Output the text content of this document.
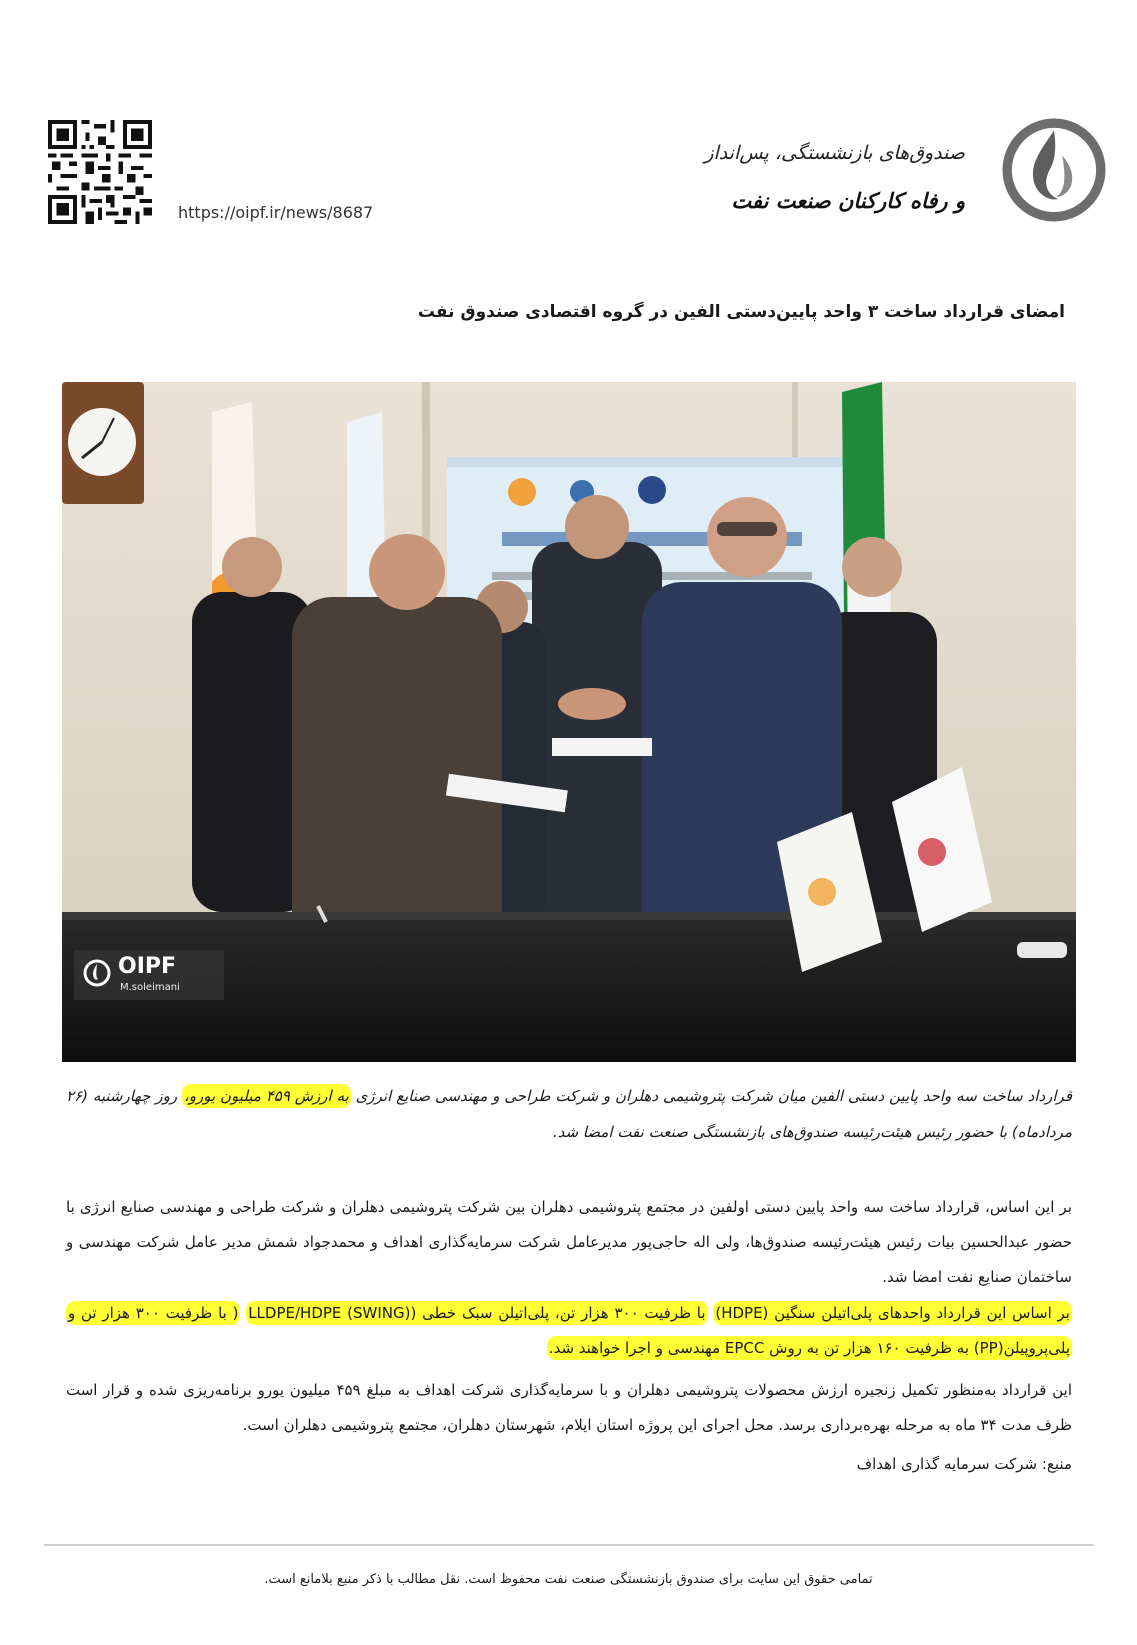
https://oipf.ir/news/8687
صندوق‌های بازنشستگی، پس‌انداز
و رفاه کارکنان صنعت نفت
امضای قرارداد ساخت ۳ واحد پایین‌دستی الفین در گروه اقتصادی صندوق نفت
OIPF
M.soleimani
قرارداد ساخت سه واحد پایین دستی الفین میان شرکت پتروشیمی دهلران و شرکت طراحی و مهندسی صنایع انرژی به ارزش ۴۵۹ میلیون یورو، روز چهارشنبه (۲۶ مردادماه) با حضور رئیس هیئت‌رئیسه صندوق‌های بازنشستگی صنعت نفت امضا شد.
بر این اساس، قرارداد ساخت سه واحد پایین دستی اولفین در مجتمع پتروشیمی دهلران بین شرکت پتروشیمی دهلران و شرکت طراحی و مهندسی صنایع انرژی با حضور عبدالحسین بیات رئیس هیئت‌رئیسه صندوق‌ها، ولی اله حاجی‌پور مدیرعامل شرکت سرمایه‌گذاری اهداف و محمدجواد شمش مدیر عامل شرکت مهندسی و ساختمان صنایع نفت امضا شد.
بر اساس این قرارداد واحدهای پلی‌اتیلن سنگین (HDPE) با ظرفیت ۳۰۰ هزار تن، پلی‌اتیلن سبک خطی (LLDPE/HDPE (SWING) ( با ظرفیت ۳۰۰ هزار تن و پلی‌پروپیلن(PP) به ظرفیت ۱۶۰ هزار تن به روش EPCC مهندسی و اجرا خواهند شد.
این قرارداد به‌منظور تکمیل زنجیره ارزش محصولات پتروشیمی دهلران و با سرمایه‌گذاری شرکت اهداف به مبلغ ۴۵۹ میلیون یورو برنامه‌ریزی شده و قرار است ظرف مدت ۳۴ ماه به مرحله بهره‌برداری برسد. محل اجرای این پروژه استان ایلام، شهرستان دهلران، مجتمع پتروشیمی دهلران است.
منبع: شرکت سرمایه گذاری اهداف
تمامی حقوق این سایت برای صندوق بازنشستگی صنعت نفت محفوظ است. نقل مطالب با ذکر منبع بلامانع است.
